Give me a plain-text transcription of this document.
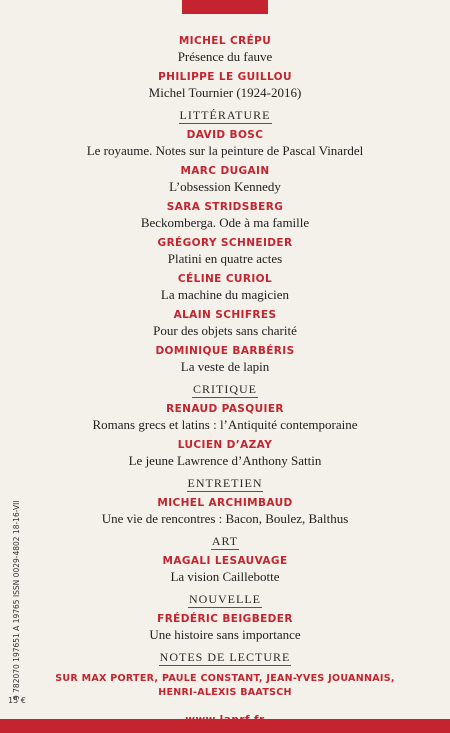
MICHEL CRÉPU

Présence du fauve

PHILIPPE LE GUILLOU

Michel Tournier (1924-2016)

LITTÉRATURE

DAVID BOSC

Le royaume. Notes sur la peinture de Pascal Vinardel

MARC DUGAIN

L’obsession Kennedy

SARA STRIDSBERG

Beckomberga. Ode à ma famille

GRÉGORY SCHNEIDER

Platini en quatre actes

CÉLINE CURIOL

La machine du magicien

ALAIN SCHIFRES

Pour des objets sans charité

DOMINIQUE BARBÉRIS

La veste de lapin

CRITIQUE

RENAUD PASQUIER

Romans grecs et latins : l’Antiquité contemporaine

LUCIEN D’AZAY

Le jeune Lawrence d’Anthony Sattin

ENTRETIEN

MICHEL ARCHIMBAUD

Une vie de rencontres : Bacon, Boulez, Balthus

ART

MAGALI LESAUVAGE

La vision Caillebotte

NOUVELLE

FRÉDÉRIC BEIGBEDER

Une histoire sans importance

NOTES DE LECTURE

SUR MAX PORTER, PAULE CONSTANT, JEAN-YVES JOUANNAIS,

HENRI-ALEXIS BAATSCH

9 782070 197651 A 19765 ISSN 0029-4802 18-16-VII
15 €
